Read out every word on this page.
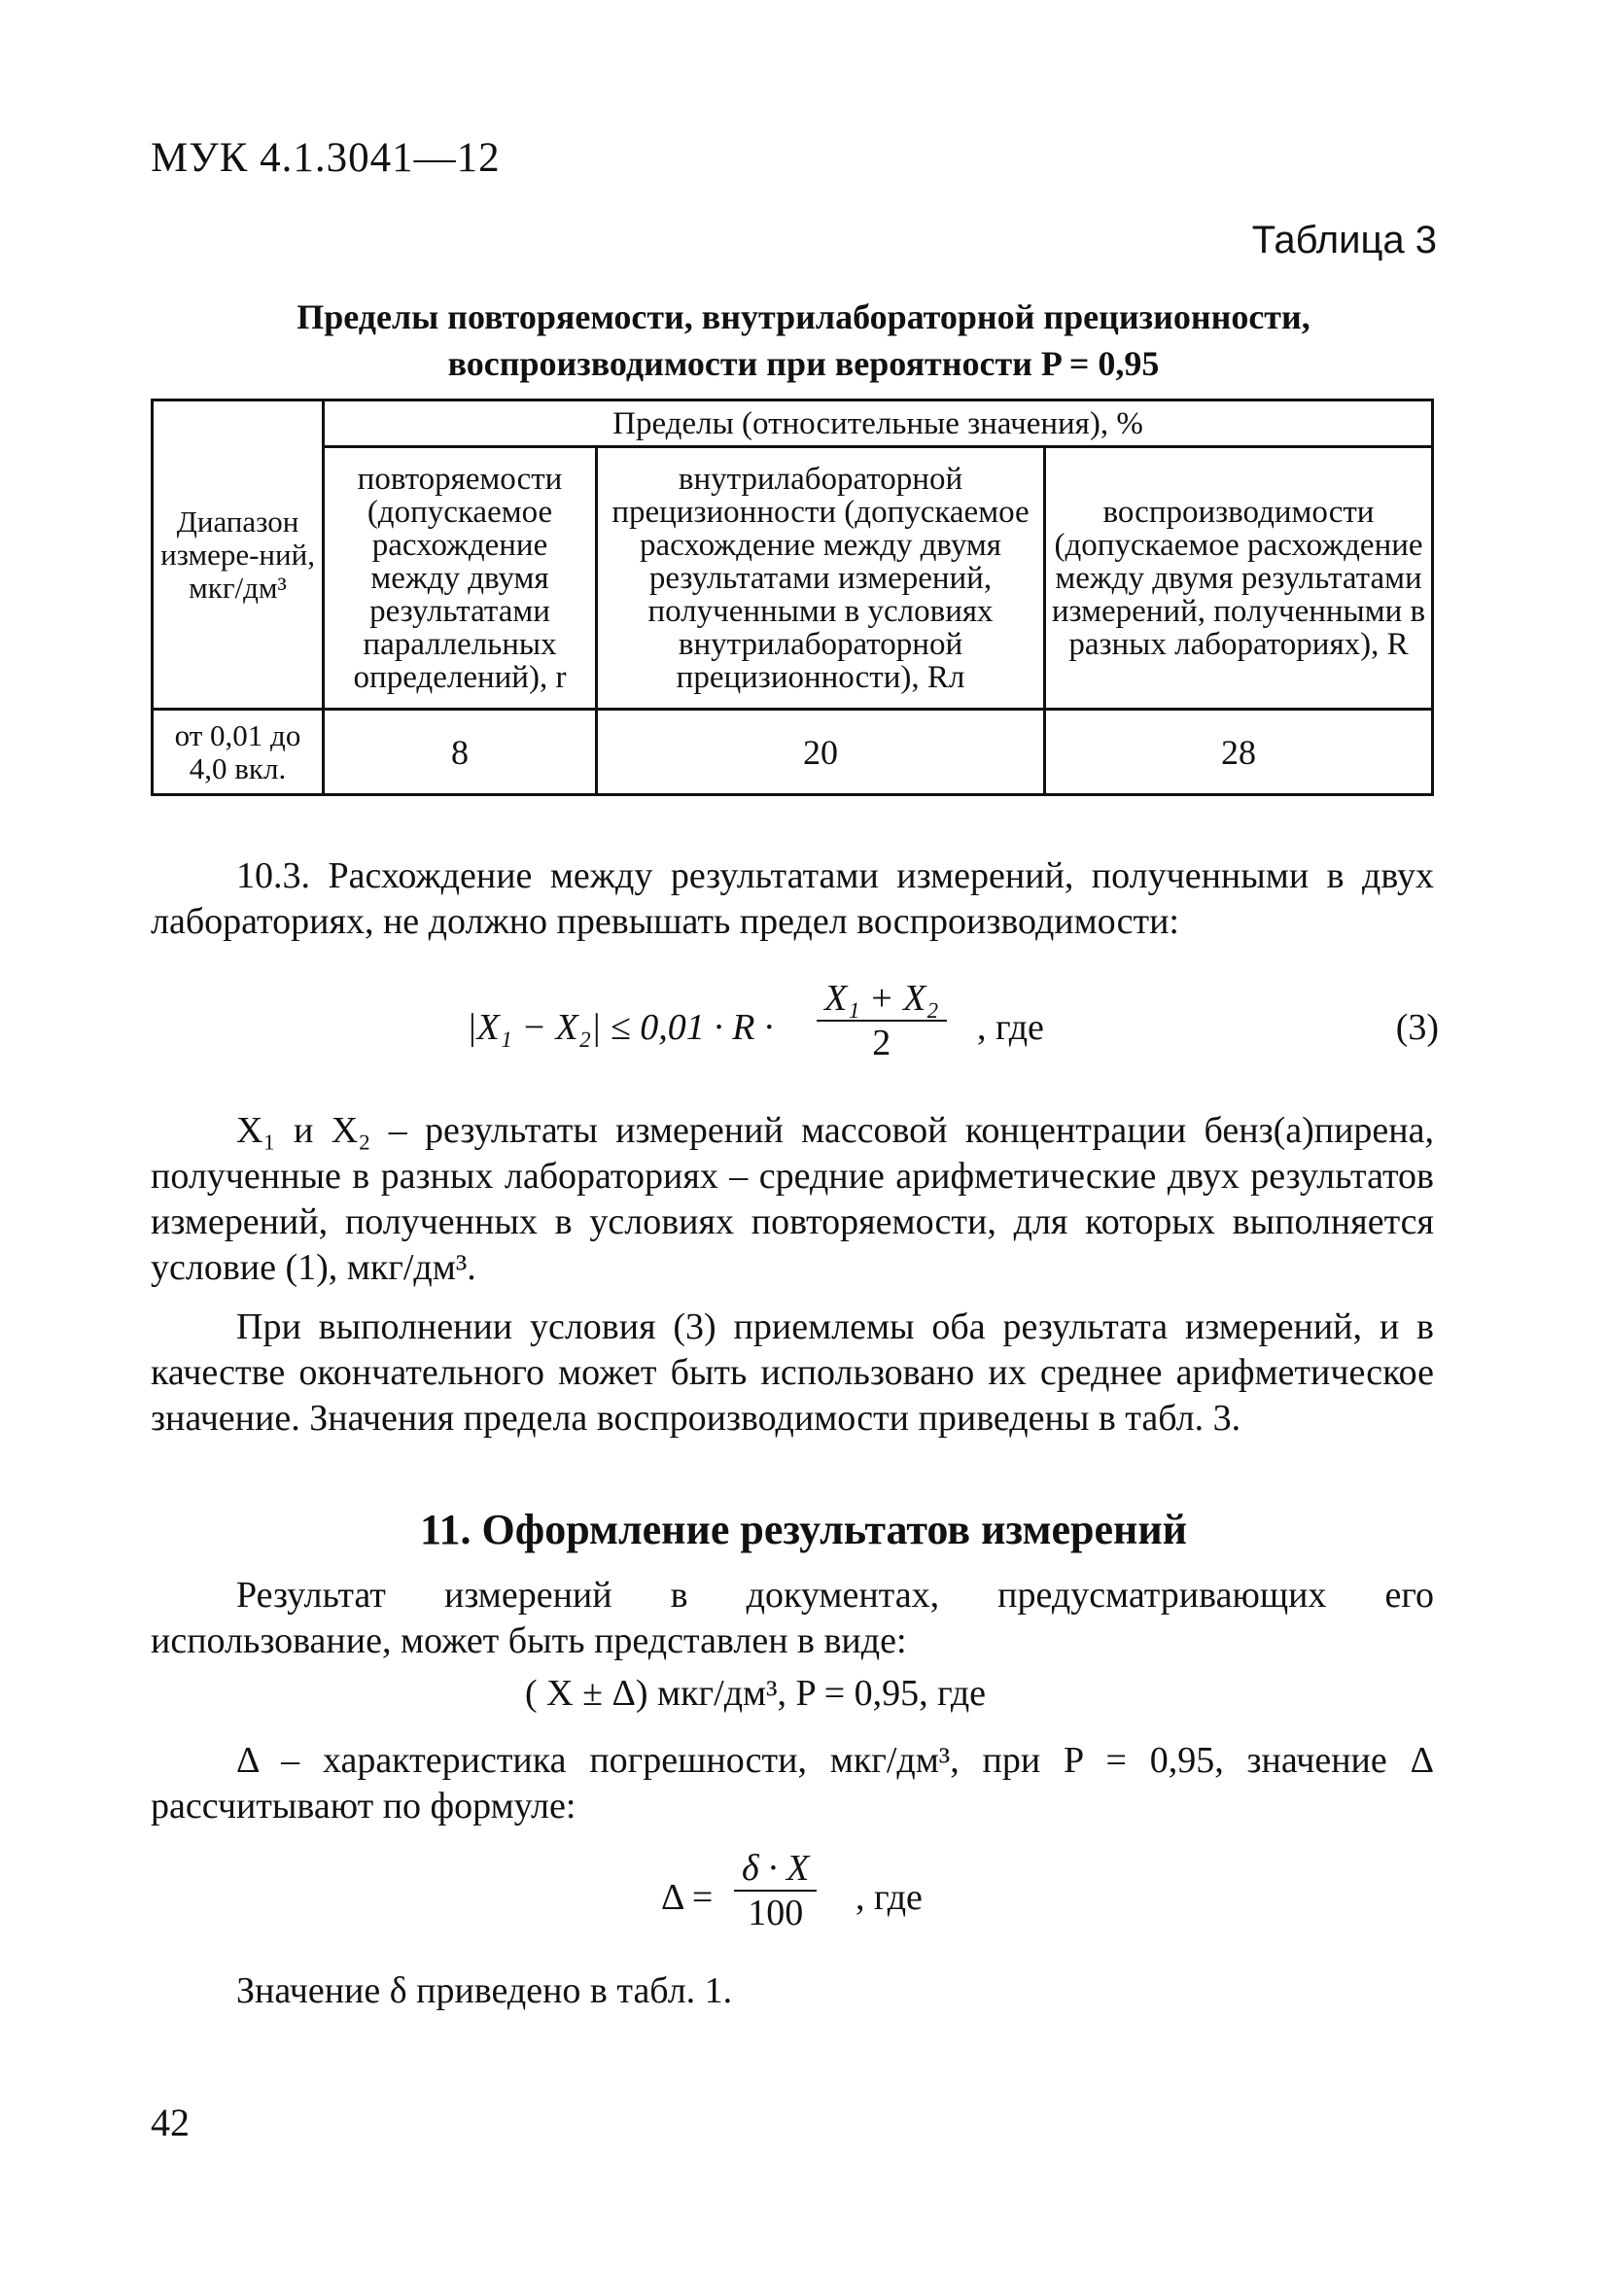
МУК 4.1.3041—12
Таблица 3
Пределы повторяемости, внутрилабораторной прецизионности,
воспроизводимости при вероятности P = 0,95
Диапазон измере-ний, мкг/дм³	Пределы (относительные значения), %		
	повторяемости (допускаемое расхождение между двумя результатами параллельных определений), r	внутрилабораторной прецизионности (допускаемое расхождение между двумя результатами измерений, полученными в условиях внутрилабораторной прецизионности), Rл	воспроизводимости (допускаемое расхождение между двумя результатами измерений, полученными в разных лабораториях), R
от 0,01 до 4,0 вкл.	8	20	28
10.3. Расхождение между результатами измерений, полученными в двух лабораториях, не должно превышать предел воспроизводимости:
$|X_1 - X_2| \le 0,01 \cdot R \cdot \frac{\text{X₁ + X₂}}{2}$ , где	(3)
X₁ и X₂ – результаты измерений массовой концентрации бенз(а)пирена, полученные в разных лабораториях – средние арифметические двух результатов измерений, полученных в условиях повторяемости, для которых выполняется условие (1), мкг/дм³.
При выполнении условия (3) приемлемы оба результата измерений, и в качестве окончательного может быть использовано их среднее арифметическое значение. Значения предела воспроизводимости приведены в табл. 3.
11. Оформление результатов измерений
Результат измерений в документах, предусматривающих его использование, может быть представлен в виде:
( X ± Δ) мкг/дм³, P = 0,95, где
Δ – характеристика погрешности, мкг/дм³, при P = 0,95, значение Δ рассчитывают по формуле:
$\Delta = \frac{\delta \cdot X}{100}$ , где
Значение δ приведено в табл. 1.
42
